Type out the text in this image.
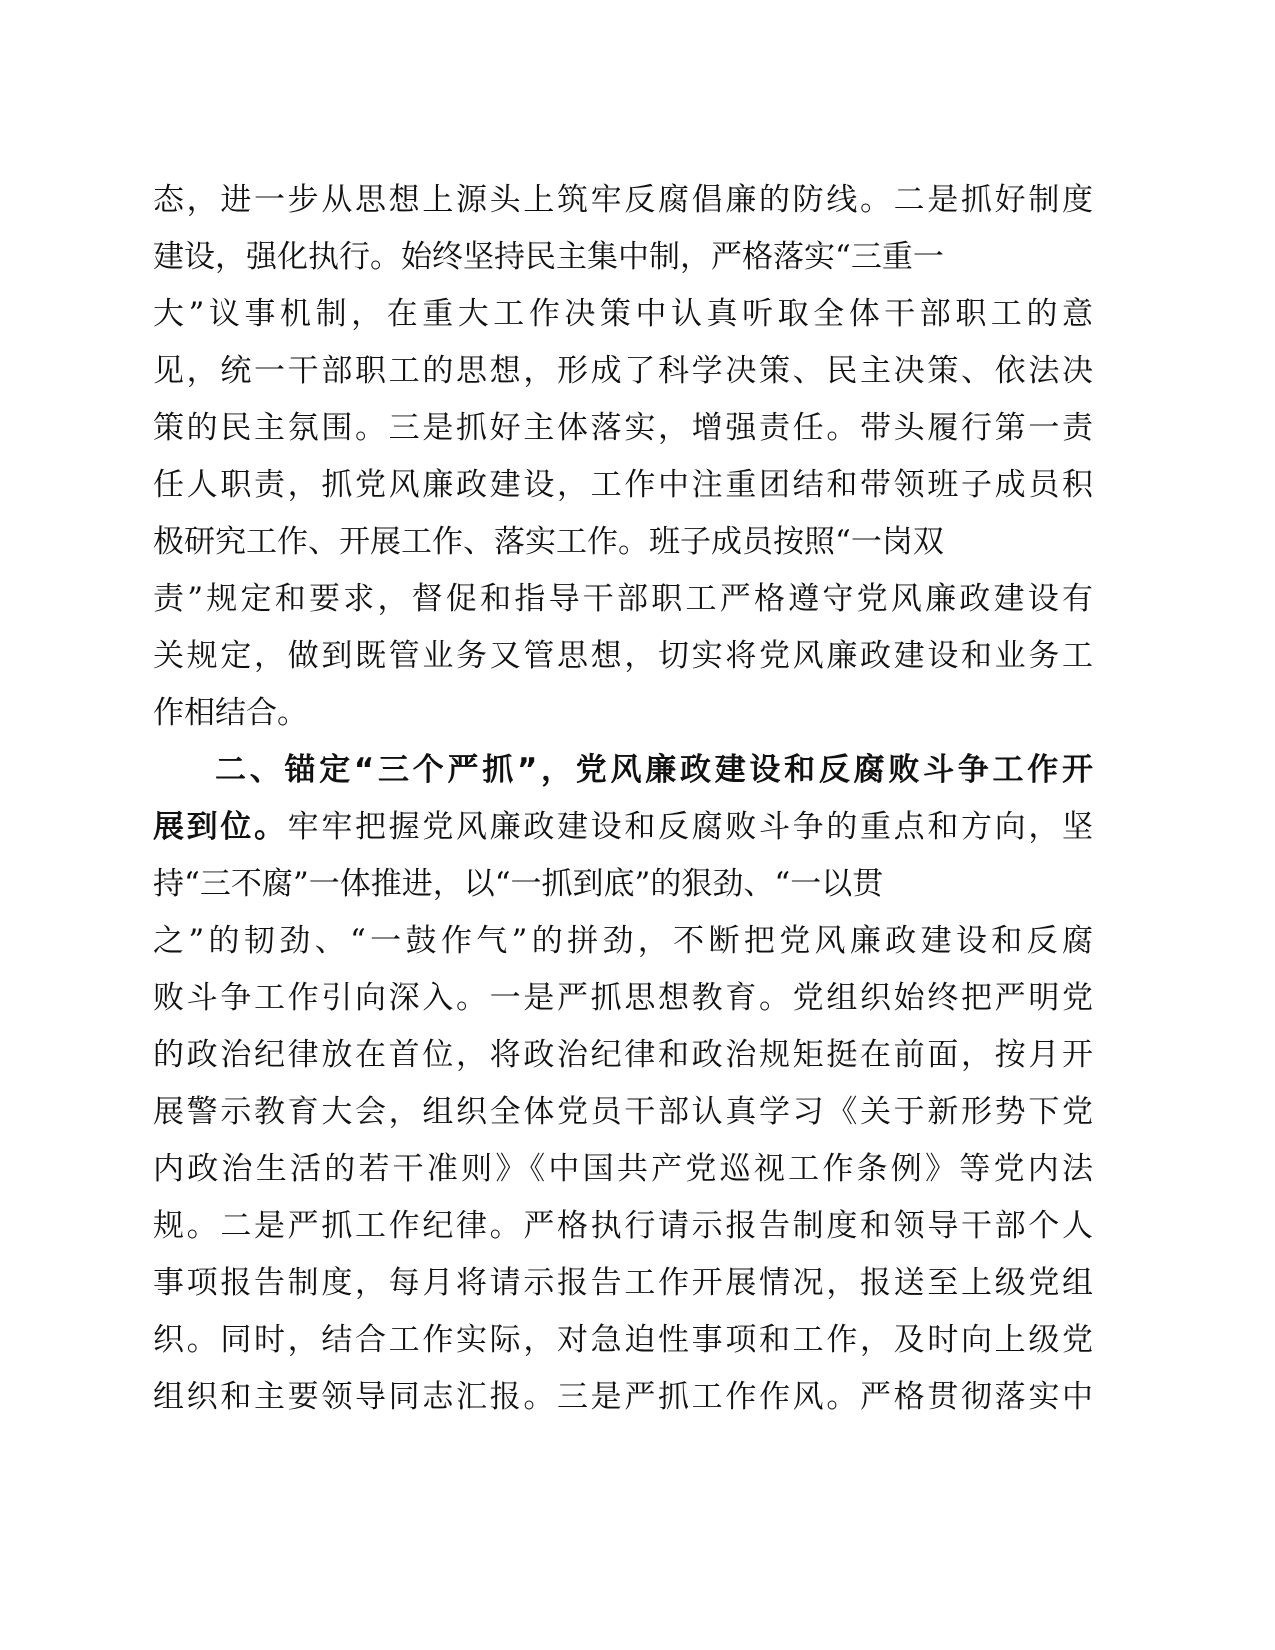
态，进一步从思想上源头上筑牢反腐倡廉的防线。二是抓好制度

建设，强化执行。始终坚持民主集中制，严格落实“三重一

大”议事机制，在重大工作决策中认真听取全体干部职工的意

见，统一干部职工的思想，形成了科学决策、民主决策、依法决

策的民主氛围。三是抓好主体落实，增强责任。带头履行第一责

任人职责，抓党风廉政建设，工作中注重团结和带领班子成员积

极研究工作、开展工作、落实工作。班子成员按照“一岗双

责”规定和要求，督促和指导干部职工严格遵守党风廉政建设有

关规定，做到既管业务又管思想，切实将党风廉政建设和业务工

作相结合。

二、锚定“三个严抓”，党风廉政建设和反腐败斗争工作开

展到位。牢牢把握党风廉政建设和反腐败斗争的重点和方向，坚

持“三不腐”一体推进，以“一抓到底”的狠劲、“一以贯

之”的韧劲、“一鼓作气”的拼劲，不断把党风廉政建设和反腐

败斗争工作引向深入。一是严抓思想教育。党组织始终把严明党

的政治纪律放在首位，将政治纪律和政治规矩挺在前面，按月开

展警示教育大会，组织全体党员干部认真学习《关于新形势下党

内政治生活的若干准则》《中国共产党巡视工作条例》等党内法

规。二是严抓工作纪律。严格执行请示报告制度和领导干部个人

事项报告制度，每月将请示报告工作开展情况，报送至上级党组

织。同时，结合工作实际，对急迫性事项和工作，及时向上级党

组织和主要领导同志汇报。三是严抓工作作风。严格贯彻落实中
